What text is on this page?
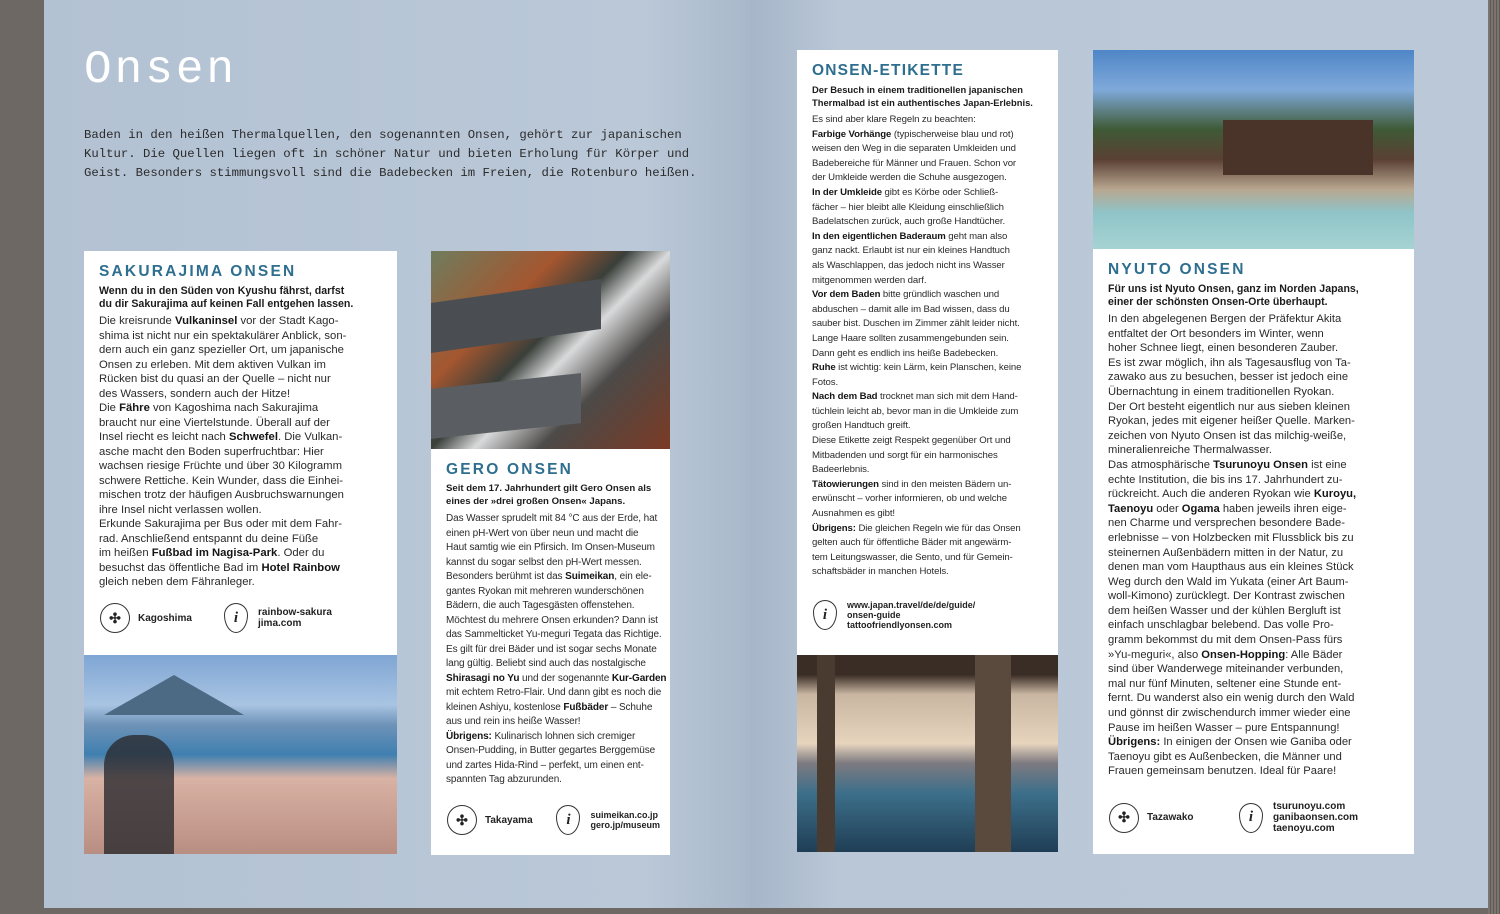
Onsen
Baden in den heißen Thermalquellen, den sogenannten Onsen, gehört zur japanischen
Kultur. Die Quellen liegen oft in schöner Natur und bieten Erholung für Körper und
Geist. Besonders stimmungsvoll sind die Badebecken im Freien, die Rotenburo heißen.
SAKURAJIMA ONSEN
Wenn du in den Süden von Kyushu fährst, darfst
du dir Sakurajima auf keinen Fall entgehen lassen.
Die kreisrunde Vulkaninsel vor der Stadt Kago-
shima ist nicht nur ein spektakulärer Anblick, son-
dern auch ein ganz spezieller Ort, um japanische
Onsen zu erleben. Mit dem aktiven Vulkan im
Rücken bist du quasi an der Quelle – nicht nur
des Wassers, sondern auch der Hitze!
Die Fähre von Kagoshima nach Sakurajima
braucht nur eine Viertelstunde. Überall auf der
Insel riecht es leicht nach Schwefel. Die Vulkan-
asche macht den Boden superfruchtbar: Hier
wachsen riesige Früchte und über 30 Kilogramm
schwere Rettiche. Kein Wunder, dass die Einhei-
mischen trotz der häufigen Ausbruchswarnungen
ihre Insel nicht verlassen wollen.
Erkunde Sakurajima per Bus oder mit dem Fahr-
rad. Anschließend entspannt du deine Füße
im heißen Fußbad im Nagisa-Park. Oder du
besuchst das öffentliche Bad im Hotel Rainbow
gleich neben dem Fähranleger.
✣	Kagoshima	i	rainbow-sakura
jima.com
GERO ONSEN
Seit dem 17. Jahrhundert gilt Gero Onsen als
eines der »drei großen Onsen« Japans.
Das Wasser sprudelt mit 84 °C aus der Erde, hat
einen pH-Wert von über neun und macht die
Haut samtig wie ein Pfirsich. Im Onsen-Museum
kannst du sogar selbst den pH-Wert messen.
Besonders berühmt ist das Suimeikan, ein ele-
gantes Ryokan mit mehreren wunderschönen
Bädern, die auch Tagesgästen offenstehen.
Möchtest du mehrere Onsen erkunden? Dann ist
das Sammelticket Yu-meguri Tegata das Richtige.
Es gilt für drei Bäder und ist sogar sechs Monate
lang gültig. Beliebt sind auch das nostalgische
Shirasagi no Yu und der sogenannte Kur-Garden
mit echtem Retro-Flair. Und dann gibt es noch die
kleinen Ashiyu, kostenlose Fußbäder – Schuhe
aus und rein ins heiße Wasser!
Übrigens: Kulinarisch lohnen sich cremiger
Onsen-Pudding, in Butter gegartes Berggemüse
und zartes Hida-Rind – perfekt, um einen ent-
spannten Tag abzurunden.
✣	Takayama	i	suimeikan.co.jp
gero.jp/museum
ONSEN-ETIKETTE
Der Besuch in einem traditionellen japanischen
Thermalbad ist ein authentisches Japan-Erlebnis.
Es sind aber klare Regeln zu beachten:
Farbige Vorhänge (typischerweise blau und rot)
weisen den Weg in die separaten Umkleiden und
Badebereiche für Männer und Frauen. Schon vor
der Umkleide werden die Schuhe ausgezogen.
In der Umkleide gibt es Körbe oder Schließ-
fächer – hier bleibt alle Kleidung einschließlich
Badelatschen zurück, auch große Handtücher.
In den eigentlichen Baderaum geht man also
ganz nackt. Erlaubt ist nur ein kleines Handtuch
als Waschlappen, das jedoch nicht ins Wasser
mitgenommen werden darf.
Vor dem Baden bitte gründlich waschen und
abduschen – damit alle im Bad wissen, dass du
sauber bist. Duschen im Zimmer zählt leider nicht.
Lange Haare sollten zusammengebunden sein.
Dann geht es endlich ins heiße Badebecken.
Ruhe ist wichtig: kein Lärm, kein Planschen, keine
Fotos.
Nach dem Bad trocknet man sich mit dem Hand-
tüchlein leicht ab, bevor man in die Umkleide zum
großen Handtuch greift.
Diese Etikette zeigt Respekt gegenüber Ort und
Mitbadenden und sorgt für ein harmonisches
Badeerlebnis.
Tätowierungen sind in den meisten Bädern un-
erwünscht – vorher informieren, ob und welche
Ausnahmen es gibt!
Übrigens: Die gleichen Regeln wie für das Onsen
gelten auch für öffentliche Bäder mit angewärm-
tem Leitungswasser, die Sento, und für Gemein-
schaftsbäder in manchen Hotels.
i
www.japan.travel/de/de/guide/
onsen-guide
tattoofriendlyonsen.com
NYUTO ONSEN
Für uns ist Nyuto Onsen, ganz im Norden Japans,
einer der schönsten Onsen-Orte überhaupt.
In den abgelegenen Bergen der Präfektur Akita
entfaltet der Ort besonders im Winter, wenn
hoher Schnee liegt, einen besonderen Zauber.
Es ist zwar möglich, ihn als Tagesausflug von Ta-
zawako aus zu besuchen, besser ist jedoch eine
Übernachtung in einem traditionellen Ryokan.
Der Ort besteht eigentlich nur aus sieben kleinen
Ryokan, jedes mit eigener heißer Quelle. Marken-
zeichen von Nyuto Onsen ist das milchig-weiße,
mineralienreiche Thermalwasser.
Das atmosphärische Tsurunoyu Onsen ist eine
echte Institution, die bis ins 17. Jahrhundert zu-
rückreicht. Auch die anderen Ryokan wie Kuroyu,
Taenoyu oder Ogama haben jeweils ihren eige-
nen Charme und versprechen besondere Bade-
erlebnisse – von Holzbecken mit Flussblick bis zu
steinernen Außenbädern mitten in der Natur, zu
denen man vom Haupthaus aus ein kleines Stück
Weg durch den Wald im Yukata (einer Art Baum-
woll-Kimono) zurücklegt. Der Kontrast zwischen
dem heißen Wasser und der kühlen Bergluft ist
einfach unschlagbar belebend. Das volle Pro-
gramm bekommst du mit dem Onsen-Pass fürs
»Yu-meguri«, also Onsen-Hopping: Alle Bäder
sind über Wanderwege miteinander verbunden,
mal nur fünf Minuten, seltener eine Stunde ent-
fernt. Du wanderst also ein wenig durch den Wald
und gönnst dir zwischendurch immer wieder eine
Pause im heißen Wasser – pure Entspannung!
Übrigens: In einigen der Onsen wie Ganiba oder
Taenoyu gibt es Außenbecken, die Männer und
Frauen gemeinsam benutzen. Ideal für Paare!
✣	Tazawako	i
tsurunoyu.com
ganibaonsen.com
taenoyu.com
